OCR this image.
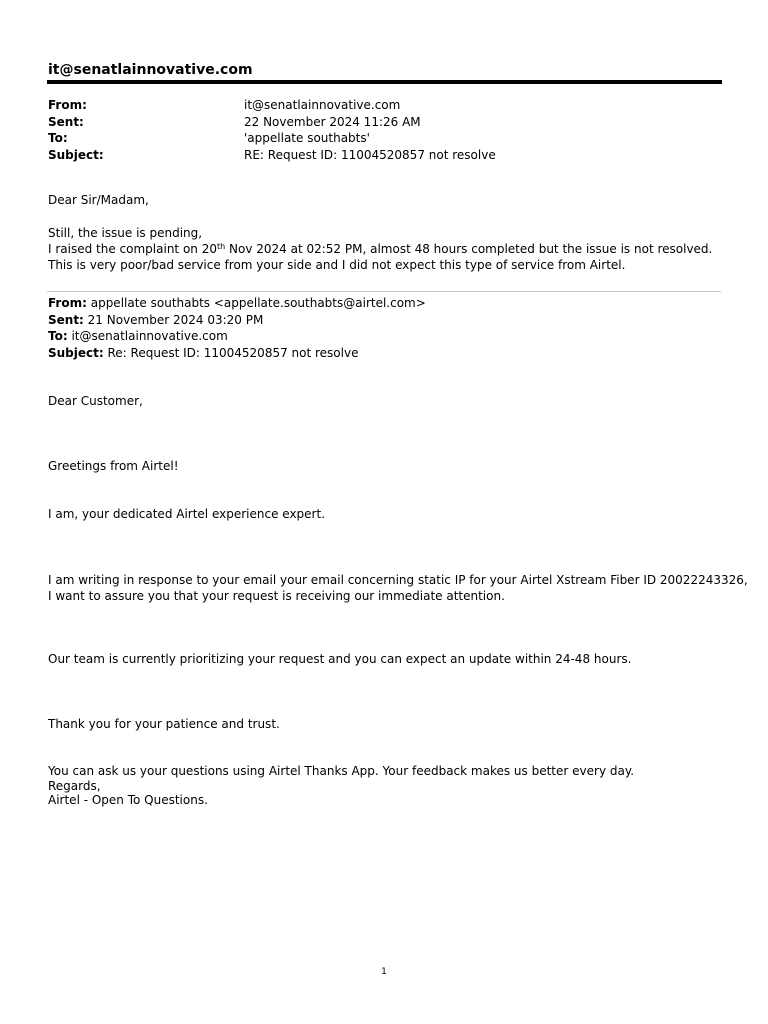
it@senatlainnovative.com
From:	it@senatlainnovative.com
Sent:	22 November 2024 11:26 AM
To:	'appellate southabts'
Subject:	RE: Request ID: 11004520857 not resolve

Dear Sir/Madam,

Still, the issue is pending,

I raised the complaint on 20th Nov 2024 at 02:52 PM, almost 48 hours completed but the issue is not resolved.

This is very poor/bad service from your side and I did not expect this type of service from Airtel.

From: appellate southabts <appellate.southabts@airtel.com>
Sent: 21 November 2024 03:20 PM
To: it@senatlainnovative.com
Subject: Re: Request ID: 11004520857 not resolve
Dear Customer,
Greetings from Airtel!
I am, your dedicated Airtel experience expert.

I am writing in response to your email your email concerning static IP for your Airtel Xstream Fiber ID 20022243326,

I want to assure you that your request is receiving our immediate attention.

Our team is currently prioritizing your request and you can expect an update within 24-48 hours.
Thank you for your patience and trust.

You can ask us your questions using Airtel Thanks App. Your feedback makes us better every day.

Regards,

Airtel - Open To Questions.

1
